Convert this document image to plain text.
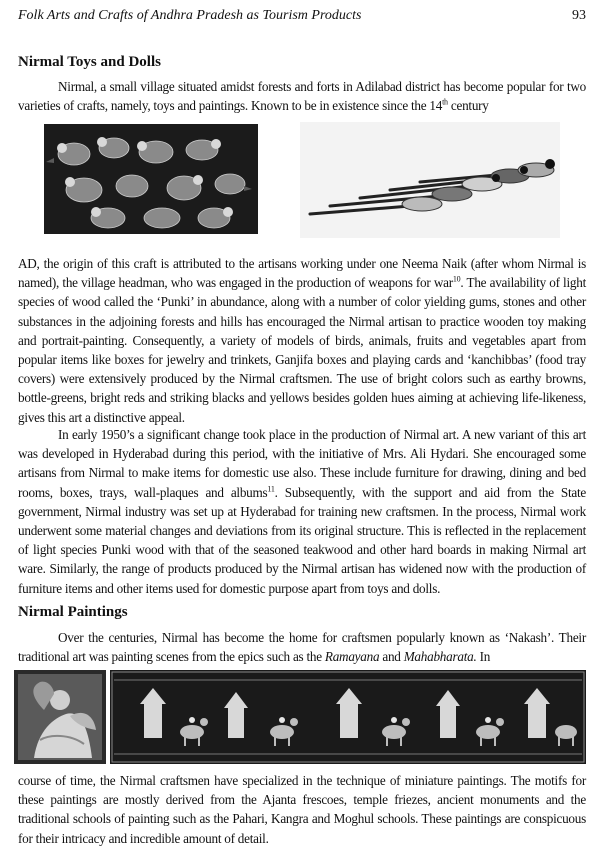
Folk Arts and Crafts of Andhra Pradesh as Tourism Products	93
Nirmal Toys and Dolls

Nirmal, a small village situated amidst forests and forts in Adilabad district has become popular for two varieties of crafts, namely, toys and paintings. Known to be in existence since the 14th century

AD, the origin of this craft is attributed to the artisans working under one Neema Naik (after whom Nirmal is named), the village headman, who was engaged in the production of weapons for war$^{10}$. The availability of light species of wood called the ‘Punki’ in abundance, along with a number of color yielding gums, stones and other substances in the adjoining forests and hills has encouraged the Nirmal artisan to practice wooden toy making and portrait-painting. Consequently, a variety of models of birds, animals, fruits and vegetables apart from popular items like boxes for jewelry and trinkets, Ganjifa boxes and playing cards and ‘kanchibbas’ (food tray covers) were extensively produced by the Nirmal craftsmen. The use of bright colors such as earthy browns, bottle-greens, bright reds and striking blacks and yellows besides golden hues aiming at achieving life-likeness, gives this art a distinctive appeal.

In early 1950’s a significant change took place in the production of Nirmal art. A new variant of this art was developed in Hyderabad during this period, with the initiative of Mrs. Ali Hydari. She encouraged some artisans from Nirmal to make items for domestic use also. These include furniture for drawing, dining and bed rooms, boxes, trays, wall-plaques and albums$^{11}$. Subsequently, with the support and aid from the State government, Nirmal industry was set up at Hyderabad for training new craftsmen. In the process, Nirmal work underwent some material changes and deviations from its original structure. This is reflected in the replacement of light species Punki wood with that of the seasoned teakwood and other hard boards in making Nirmal art ware. Similarly, the range of products produced by the Nirmal artisan has widened now with the production of furniture items and other items used for domestic purpose apart from toys and dolls.

Nirmal Paintings

Over the centuries, Nirmal has become the home for craftsmen popularly known as ‘Nakash’. Their traditional art was painting scenes from the epics such as the Ramayana and Mahabharata. In

course of time, the Nirmal craftsmen have specialized in the technique of miniature paintings. The motifs for these paintings are mostly derived from the Ajanta frescoes, temple friezes, ancient monuments and the traditional schools of painting such as the Pahari, Kangra and Moghul schools. These paintings are conspicuous for their intricacy and incredible amount of detail.
